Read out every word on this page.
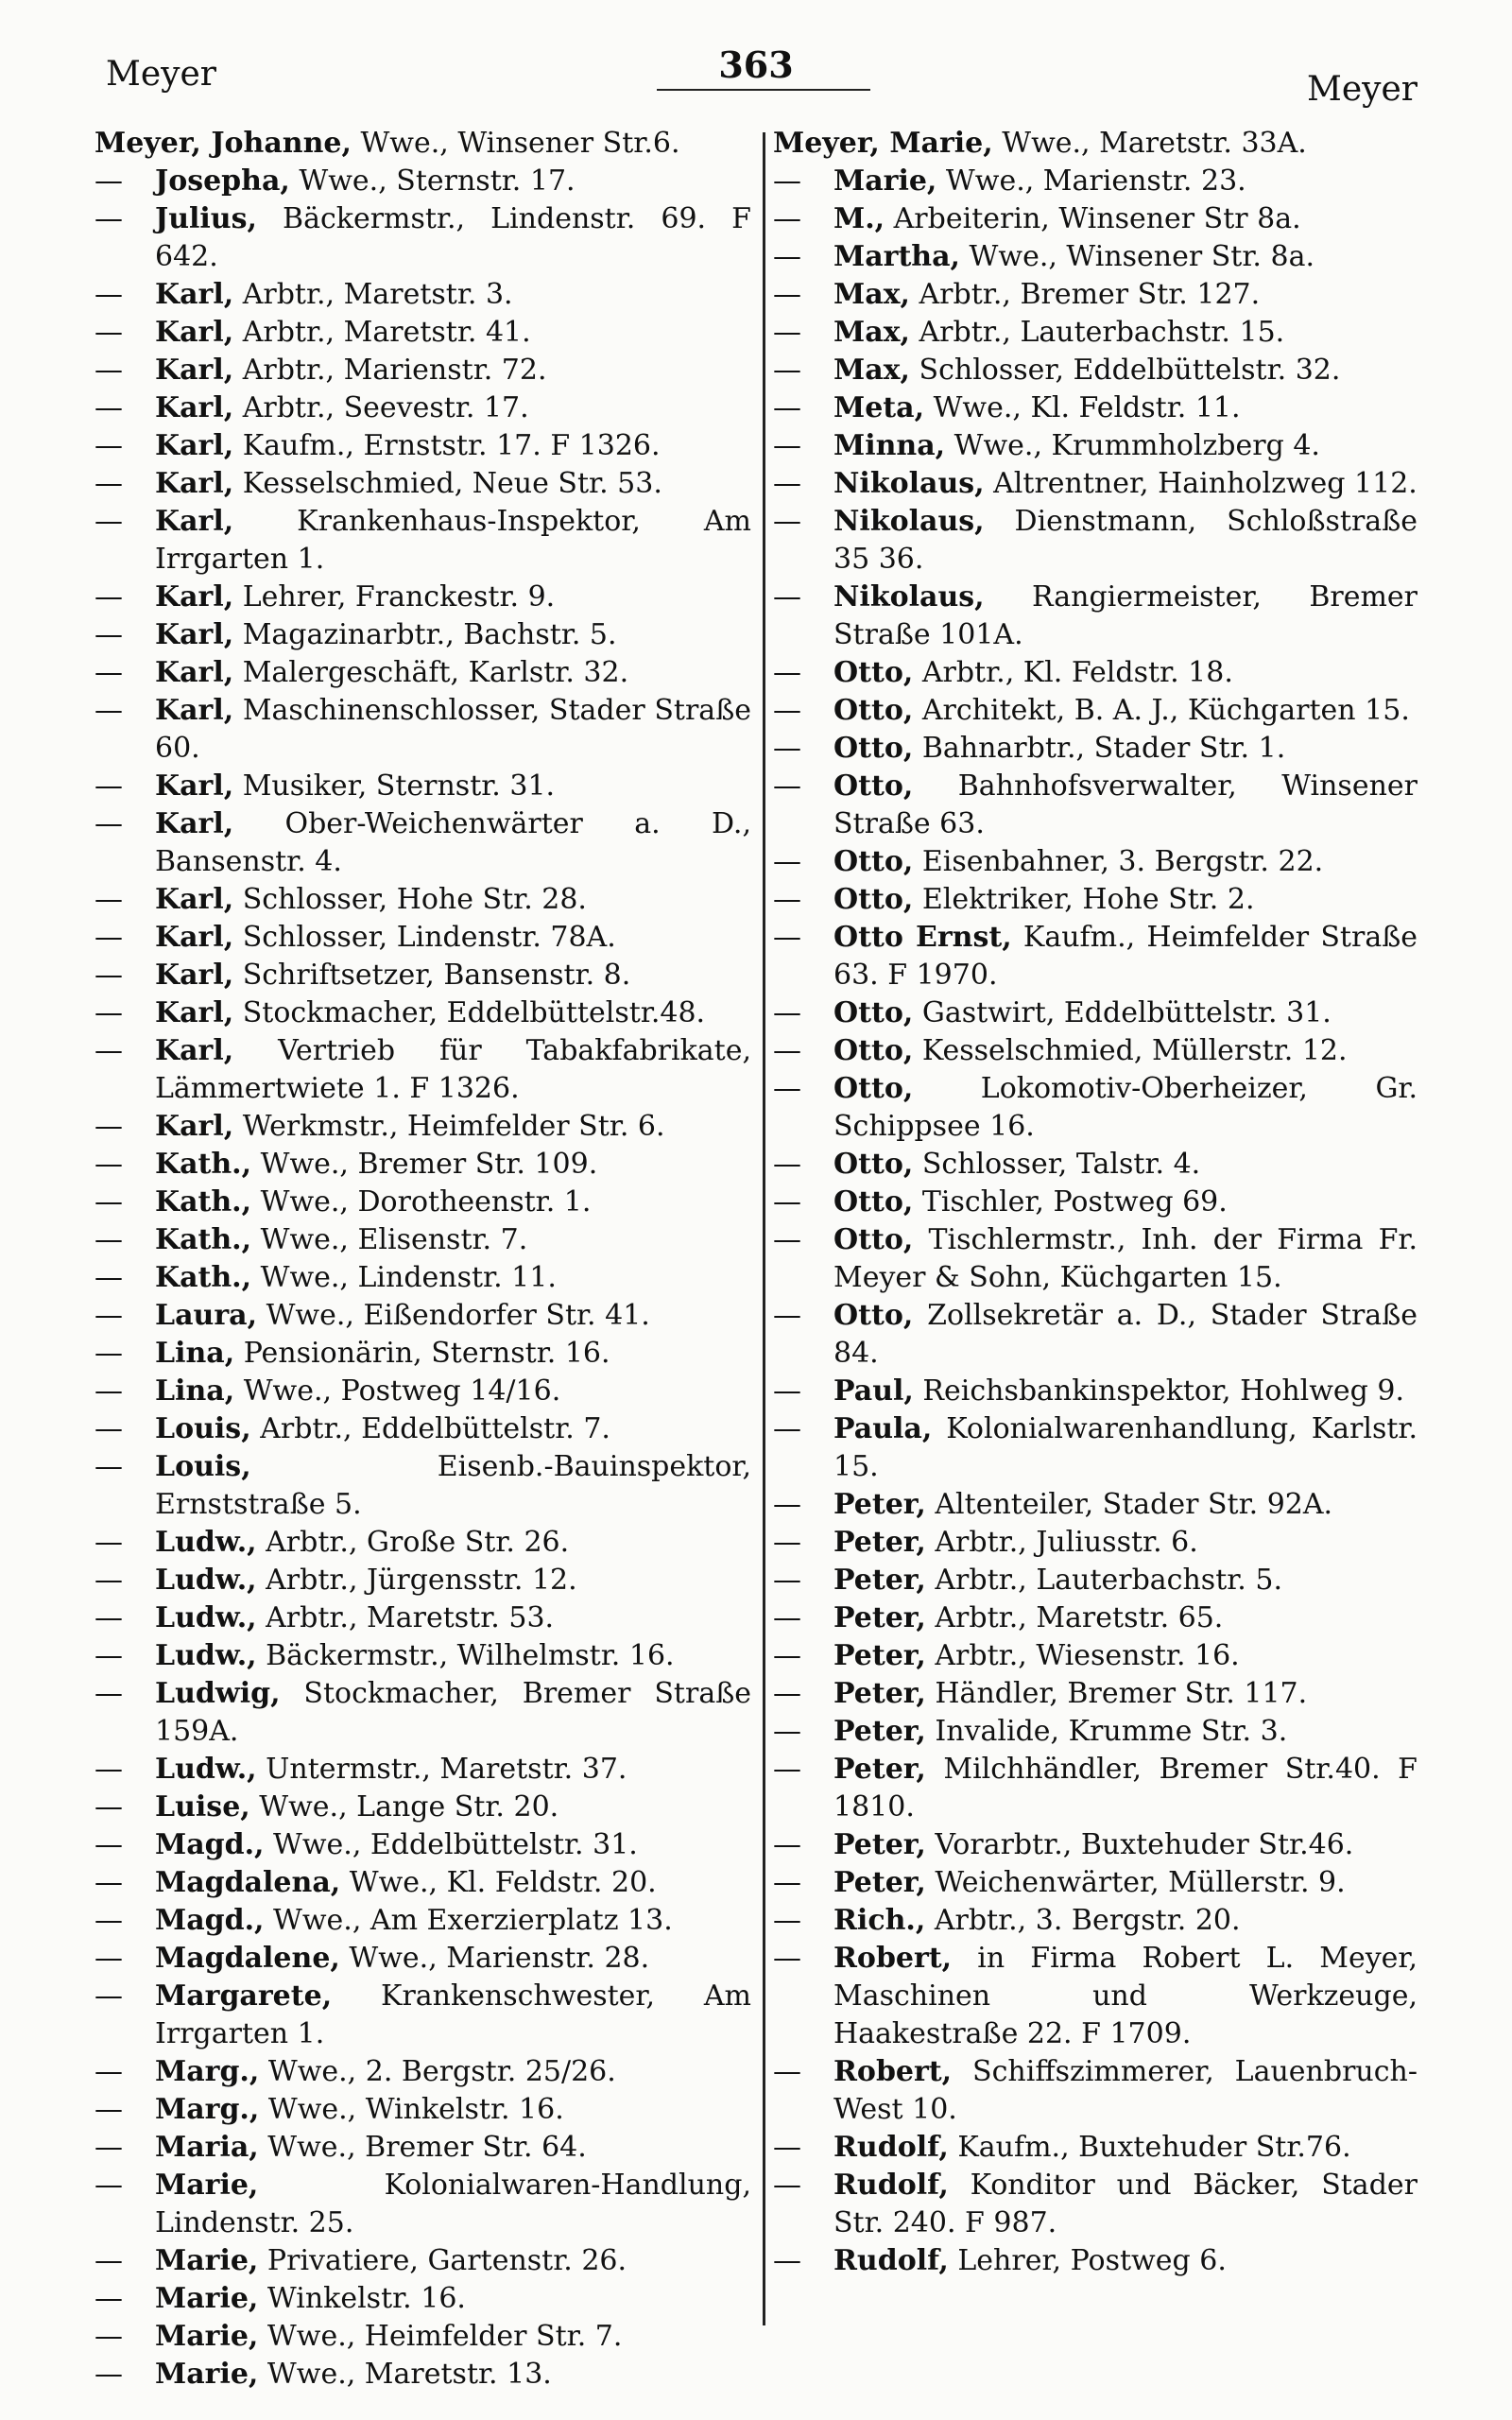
Meyer	363
Meyer

Meyer, Johanne, Wwe., Winsener Str.6.

—Josepha, Wwe., Sternstr. 17.

—Julius, Bäckermstr., Lindenstr. 69. F 642.

—Karl, Arbtr., Maretstr. 3.

—Karl, Arbtr., Maretstr. 41.

—Karl, Arbtr., Marienstr. 72.

—Karl, Arbtr., Seevestr. 17.

—Karl, Kaufm., Ernststr. 17. F 1326.

—Karl, Kesselschmied, Neue Str. 53.

—Karl, Krankenhaus-Inspektor, Am Irrgarten 1.

—Karl, Lehrer, Franckestr. 9.

—Karl, Magazinarbtr., Bachstr. 5.

—Karl, Malergeschäft, Karlstr. 32.

—Karl, Maschinenschlosser, Stader Straße 60.

—Karl, Musiker, Sternstr. 31.

—Karl, Ober-Weichenwärter a. D., Bansenstr. 4.

—Karl, Schlosser, Hohe Str. 28.

—Karl, Schlosser, Lindenstr. 78A.

—Karl, Schriftsetzer, Bansenstr. 8.

—Karl, Stockmacher, Eddelbüttelstr.48.

—Karl, Vertrieb für Tabakfabrikate, Lämmertwiete 1. F 1326.

—Karl, Werkmstr., Heimfelder Str. 6.

—Kath., Wwe., Bremer Str. 109.

—Kath., Wwe., Dorotheenstr. 1.

—Kath., Wwe., Elisenstr. 7.

—Kath., Wwe., Lindenstr. 11.

—Laura, Wwe., Eißendorfer Str. 41.

—Lina, Pensionärin, Sternstr. 16.

—Lina, Wwe., Postweg 14/16.

—Louis, Arbtr., Eddelbüttelstr. 7.

—Louis, Eisenb.-Bauinspektor, Ernststraße 5.

—Ludw., Arbtr., Große Str. 26.

—Ludw., Arbtr., Jürgensstr. 12.

—Ludw., Arbtr., Maretstr. 53.

—Ludw., Bäckermstr., Wilhelmstr. 16.

—Ludwig, Stockmacher, Bremer Straße 159A.

—Ludw., Untermstr., Maretstr. 37.

—Luise, Wwe., Lange Str. 20.

—Magd., Wwe., Eddelbüttelstr. 31.

—Magdalena, Wwe., Kl. Feldstr. 20.

—Magd., Wwe., Am Exerzierplatz 13.

—Magdalene, Wwe., Marienstr. 28.

—Margarete, Krankenschwester, Am Irrgarten 1.

—Marg., Wwe., 2. Bergstr. 25/26.

—Marg., Wwe., Winkelstr. 16.

—Maria, Wwe., Bremer Str. 64.

—Marie, Kolonialwaren-Handlung, Lindenstr. 25.

—Marie, Privatiere, Gartenstr. 26.

—Marie, Winkelstr. 16.

—Marie, Wwe., Heimfelder Str. 7.

—Marie, Wwe., Maretstr. 13.

Meyer, Marie, Wwe., Maretstr. 33A.

—Marie, Wwe., Marienstr. 23.

—M., Arbeiterin, Winsener Str 8a.

—Martha, Wwe., Winsener Str. 8a.

—Max, Arbtr., Bremer Str. 127.

—Max, Arbtr., Lauterbachstr. 15.

—Max, Schlosser, Eddelbüttelstr. 32.

—Meta, Wwe., Kl. Feldstr. 11.

—Minna, Wwe., Krummholzberg 4.

—Nikolaus, Altrentner, Hainholzweg 112.

—Nikolaus, Dienstmann, Schloßstraße 35 36.

—Nikolaus, Rangiermeister, Bremer Straße 101A.

—Otto, Arbtr., Kl. Feldstr. 18.

—Otto, Architekt, B. A. J., Küchgarten 15.

—Otto, Bahnarbtr., Stader Str. 1.

—Otto, Bahnhofsverwalter, Winsener Straße 63.

—Otto, Eisenbahner, 3. Bergstr. 22.

—Otto, Elektriker, Hohe Str. 2.

—Otto Ernst, Kaufm., Heimfelder Straße 63. F 1970.

—Otto, Gastwirt, Eddelbüttelstr. 31.

—Otto, Kesselschmied, Müllerstr. 12.

—Otto, Lokomotiv-Oberheizer, Gr. Schippsee 16.

—Otto, Schlosser, Talstr. 4.

—Otto, Tischler, Postweg 69.

—Otto, Tischlermstr., Inh. der Firma Fr. Meyer & Sohn, Küchgarten 15.

—Otto, Zollsekretär a. D., Stader Straße 84.

—Paul, Reichsbankinspektor, Hohlweg 9.

—Paula, Kolonialwarenhandlung, Karlstr. 15.

—Peter, Altenteiler, Stader Str. 92A.

—Peter, Arbtr., Juliusstr. 6.

—Peter, Arbtr., Lauterbachstr. 5.

—Peter, Arbtr., Maretstr. 65.

—Peter, Arbtr., Wiesenstr. 16.

—Peter, Händler, Bremer Str. 117.

—Peter, Invalide, Krumme Str. 3.

—Peter, Milchhändler, Bremer Str.40. F 1810.

—Peter, Vorarbtr., Buxtehuder Str.46.

—Peter, Weichenwärter, Müllerstr. 9.

—Rich., Arbtr., 3. Bergstr. 20.

—Robert, in Firma Robert L. Meyer, Maschinen und Werkzeuge, Haakestraße 22. F 1709.

—Robert, Schiffszimmerer, Lauenbruch-West 10.

—Rudolf, Kaufm., Buxtehuder Str.76.

—Rudolf, Konditor und Bäcker, Stader Str. 240. F 987.

—Rudolf, Lehrer, Postweg 6.
